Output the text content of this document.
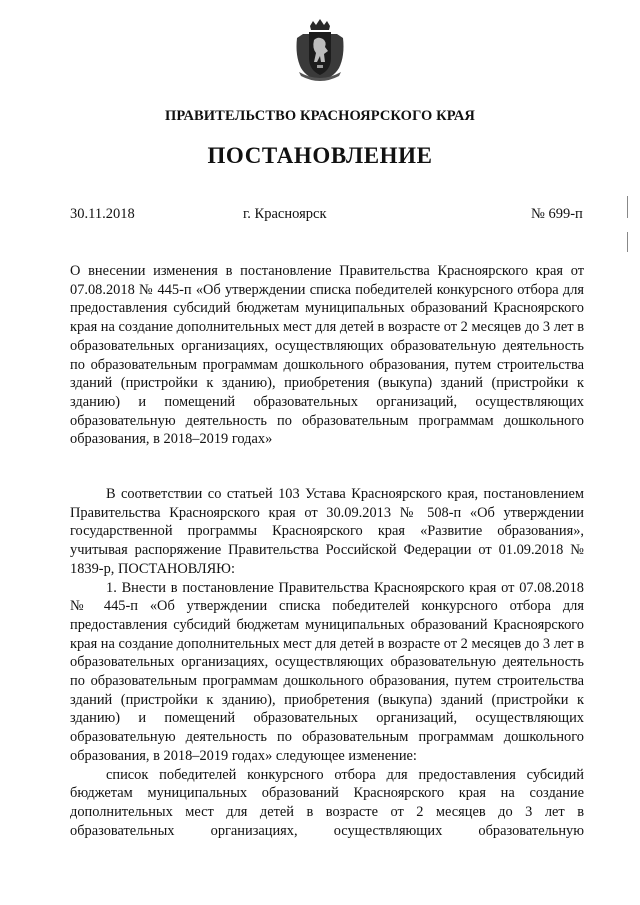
ПРАВИТЕЛЬСТВО КРАСНОЯРСКОГО КРАЯ
ПОСТАНОВЛЕНИЕ
30.11.2018	г. Красноярск	№ 699-п
О внесении изменения в постановление Правительства Красноярского края от 07.08.2018 № 445-п «Об утверждении списка победителей конкурсного отбора для предоставления субсидий бюджетам муниципальных образований Красноярского края на создание дополнительных мест для детей в возрасте от 2 месяцев до 3 лет в образовательных организациях, осуществляющих образовательную деятельность по образовательным программам дошкольного образования, путем строительства зданий (пристройки к зданию), приобретения (выкупа) зданий (пристройки к зданию) и помещений образовательных организаций, осуществляющих образовательную деятельность по образовательным программам дошкольного образования, в 2018–2019 годах»

В соответствии со статьей 103 Устава Красноярского края, постановлением Правительства Красноярского края от 30.09.2013 № 508-п «Об утверждении государственной программы Красноярского края «Развитие образования», учитывая распоряжение Правительства Российской Федерации от 01.09.2018 № 1839-р, ПОСТАНОВЛЯЮ:

1. Внести в постановление Правительства Красноярского края от 07.08.2018 № 445-п «Об утверждении списка победителей конкурсного отбора для предоставления субсидий бюджетам муниципальных образований Красноярского края на создание дополнительных мест для детей в возрасте от 2 месяцев до 3 лет в образовательных организациях, осуществляющих образовательную деятельность по образовательным программам дошкольного образования, путем строительства зданий (пристройки к зданию), приобретения (выкупа) зданий (пристройки к зданию) и помещений образовательных организаций, осуществляющих образовательную деятельность по образовательным программам дошкольного образования, в 2018–2019 годах» следующее изменение:

список победителей конкурсного отбора для предоставления субсидий бюджетам муниципальных образований Красноярского края на создание дополнительных мест для детей в возрасте от 2 месяцев до 3 лет в образовательных организациях, осуществляющих образовательную
